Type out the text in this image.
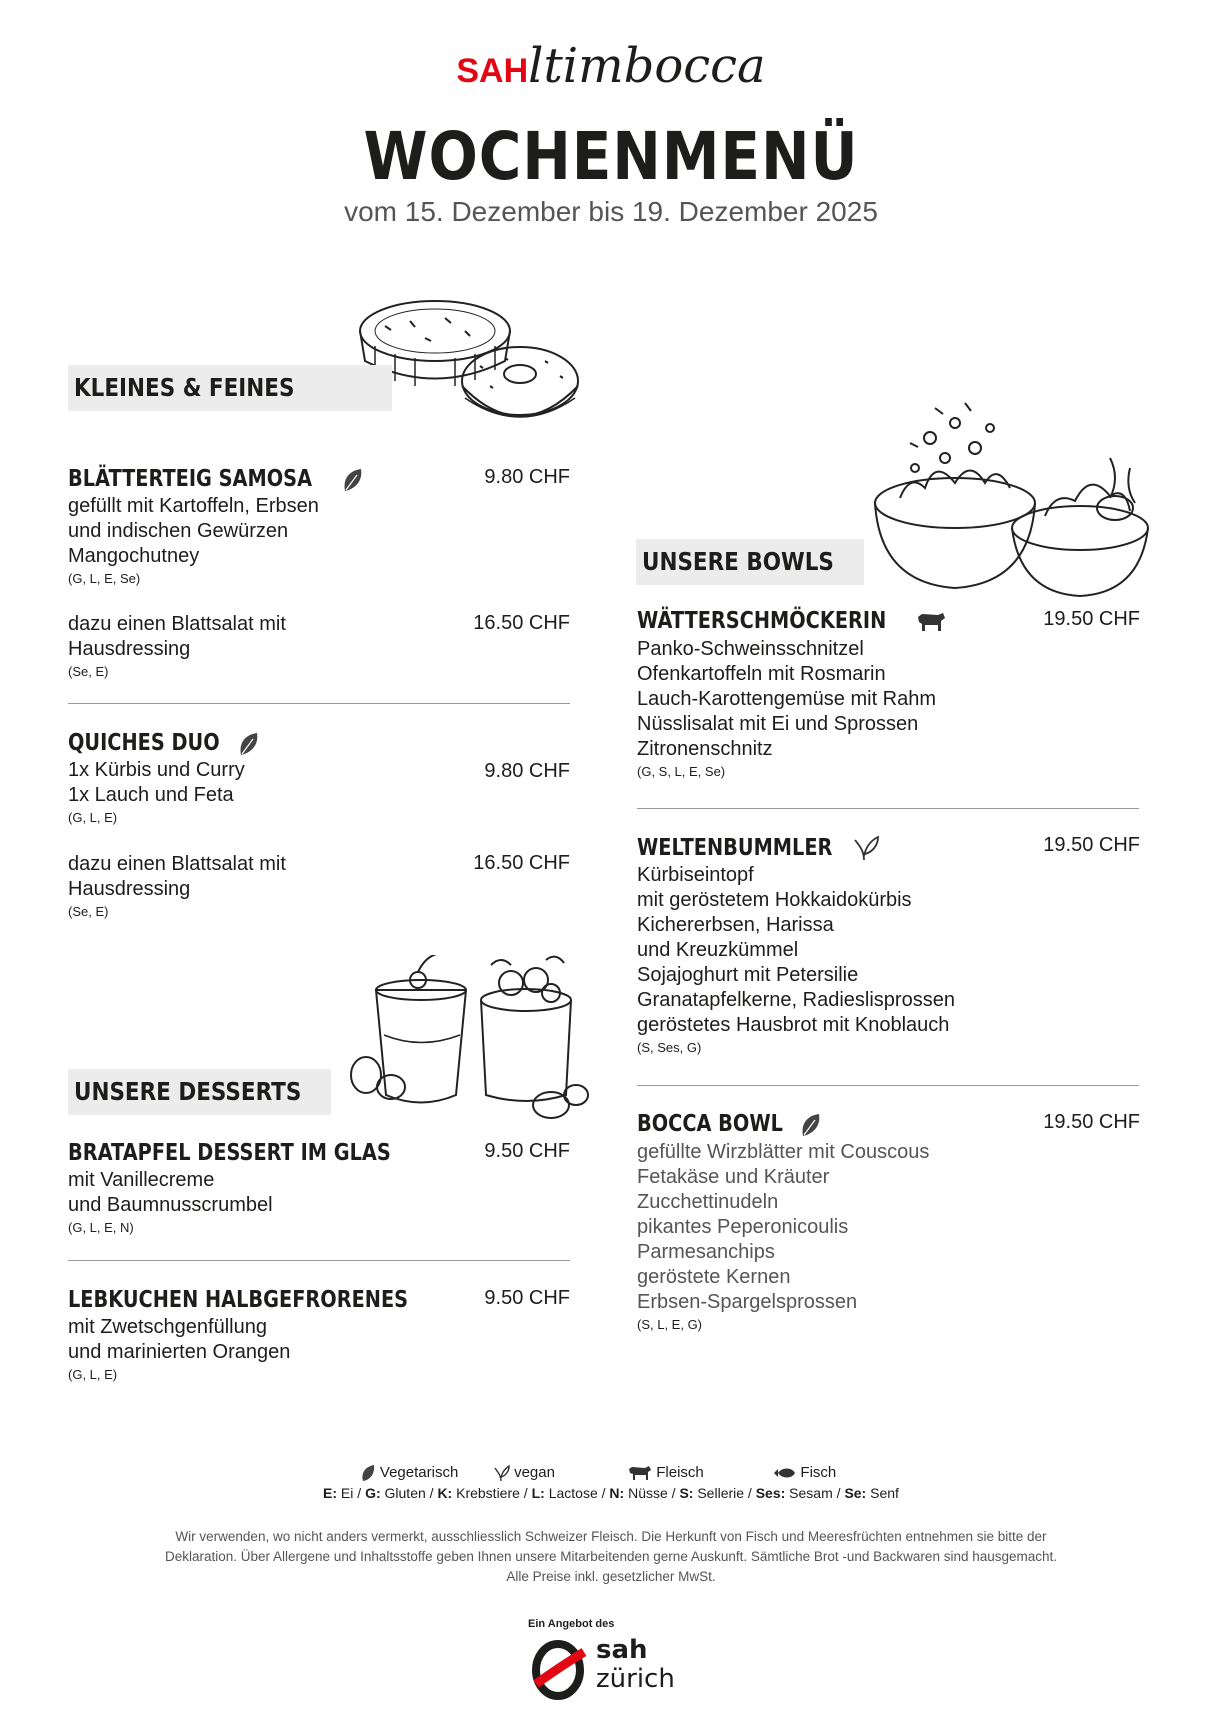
SAHltimbocca
WOCHENMENÜ
vom 15. Dezember bis 19. Dezember 2025
KLEINES & FEINES
BLÄTTERTEIG SAMOSA	9.80 CHF
gefüllt mit Kartoffeln, Erbsen
und indischen Gewürzen
Mangochutney
(G, L, E, Se)
dazu einen Blattsalat mit
Hausdressing
(Se, E)
16.50 CHF
QUICHES DUO
1x Kürbis und Curry
1x Lauch und Feta
(G, L, E)
9.80 CHF
dazu einen Blattsalat mit
Hausdressing
(Se, E)
16.50 CHF
UNSERE DESSERTS
BRATAPFEL DESSERT IM GLAS	9.50 CHF
mit Vanillecreme
und Baumnusscrumbel
(G, L, E, N)
LEBKUCHEN HALBGEFRORENES	9.50 CHF
mit Zwetschgenfüllung
und marinierten Orangen
(G, L, E)
UNSERE BOWLS
WÄTTERSCHMÖCKERIN	19.50 CHF
Panko-Schweinsschnitzel
Ofenkartoffeln mit Rosmarin
Lauch-Karottengemüse mit Rahm
Nüsslisalat mit Ei und Sprossen
Zitronenschnitz
(G, S, L, E, Se)
WELTENBUMMLER	19.50 CHF
Kürbiseintopf
mit geröstetem Hokkaidokürbis
Kichererbsen, Harissa
und Kreuzkümmel
Sojajoghurt mit Petersilie
Granatapfelkerne, Radieslisprossen
geröstetes Hausbrot mit Knoblauch
(S, Ses, G)
BOCCA BOWL	19.50 CHF
gefüllte Wirzblätter mit Couscous
Fetakäse und Kräuter
Zucchettinudeln
pikantes Peperonicoulis
Parmesanchips
geröstete Kernen
Erbsen-Spargelsprossen
(S, L, E, G)
Vegetarisch	vegan	Fleisch	Fisch
E: Ei / G: Gluten / K: Krebstiere / L: Lactose / N: Nüsse / S: Sellerie / Ses: Sesam / Se: Senf
Wir verwenden, wo nicht anders vermerkt, ausschliesslich Schweizer Fleisch. Die Herkunft von Fisch und Meeresfrüchten entnehmen sie bitte der
Deklaration. Über Allergene und Inhaltsstoffe geben Ihnen unsere Mitarbeitenden gerne Auskunft. Sämtliche Brot -und Backwaren sind hausgemacht.
Alle Preise inkl. gesetzlicher MwSt.
Ein Angebot des
sah
zürich
